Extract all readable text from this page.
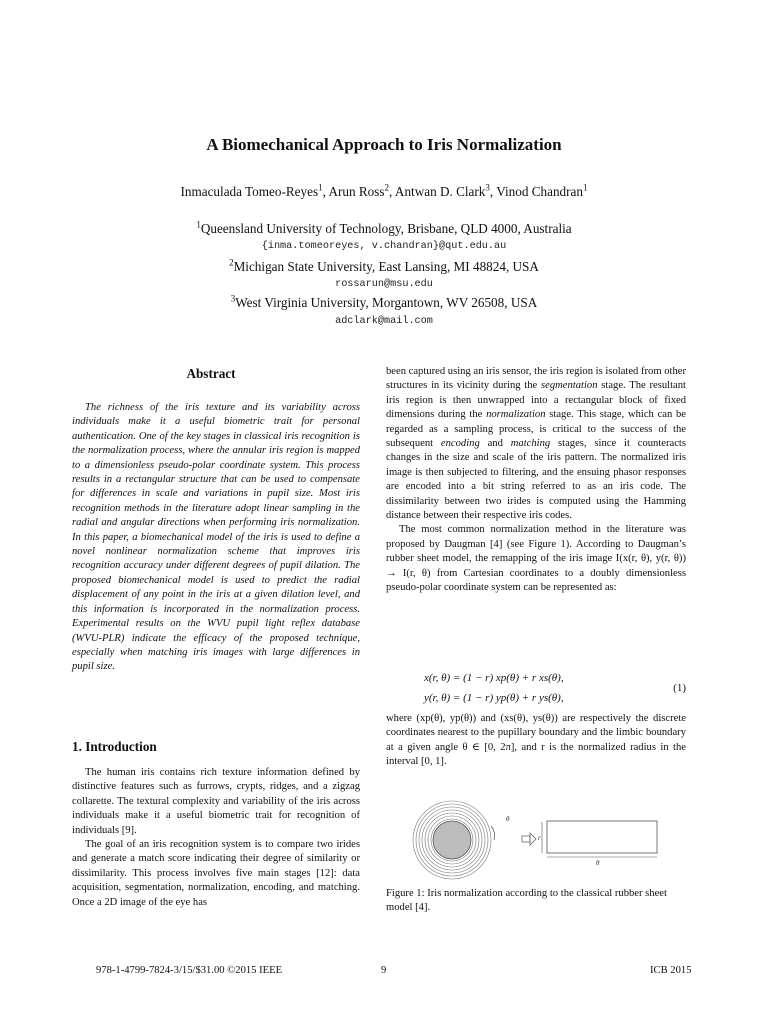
A Biomechanical Approach to Iris Normalization
Inmaculada Tomeo-Reyes$^1$, Arun Ross$^2$, Antwan D. Clark$^3$, Vinod Chandran$^1$
$^1$Queensland University of Technology, Brisbane, QLD 4000, Australia
{inma.tomeoreyes, v.chandran}@qut.edu.au
$^2$Michigan State University, East Lansing, MI 48824, USA
rossarun@msu.edu
$^3$West Virginia University, Morgantown, WV 26508, USA
adclark@mail.com
Abstract

The richness of the iris texture and its variability across individuals make it a useful biometric trait for personal authentication. One of the key stages in classical iris recognition is the normalization process, where the annular iris region is mapped to a dimensionless pseudo-polar coordinate system. This process results in a rectangular structure that can be used to compensate for differences in scale and variations in pupil size. Most iris recognition methods in the literature adopt linear sampling in the radial and angular directions when performing iris normalization. In this paper, a biomechanical model of the iris is used to define a novel nonlinear normalization scheme that improves iris recognition accuracy under different degrees of pupil dilation. The proposed biomechanical model is used to predict the radial displacement of any point in the iris at a given dilation level, and this information is incorporated in the normalization process. Experimental results on the WVU pupil light reflex database (WVU-PLR) indicate the efficacy of the proposed technique, especially when matching iris images with large differences in pupil size.

1. Introduction

The human iris contains rich texture information defined by distinctive features such as furrows, crypts, ridges, and a zigzag collarette. The textural complexity and variability of the iris across individuals make it a useful biometric trait for recognition of individuals [9].

The goal of an iris recognition system is to compare two irides and generate a match score indicating their degree of similarity or dissimilarity. This process involves five main stages [12]: data acquisition, segmentation, normalization, encoding, and matching. Once a 2D image of the eye has

been captured using an iris sensor, the iris region is isolated from other structures in its vicinity during the segmentation stage. The resultant iris region is then unwrapped into a rectangular block of fixed dimensions during the normalization stage. This stage, which can be regarded as a sampling process, is critical to the success of the subsequent encoding and matching stages, since it counteracts changes in the size and scale of the iris pattern. The normalized iris image is then subjected to filtering, and the ensuing phasor responses are encoded into a bit string referred to as an iris code. The dissimilarity between two irides is computed using the Hamming distance between their respective iris codes.

The most common normalization method in the literature was proposed by Daugman [4] (see Figure 1). According to Daugman’s rubber sheet model, the remapping of the iris image I(x(r, θ), y(r, θ)) → I(r, θ) from Cartesian coordinates to a doubly dimensionless pseudo-polar coordinate system can be represented as:

x(r, θ) = (1 − r) xp(θ) + r xs(θ),
y(r, θ) = (1 − r) yp(θ) + r ys(θ),
(1)

where (xp(θ), yp(θ)) and (xs(θ), ys(θ)) are respectively the discrete coordinates nearest to the pupillary boundary and the limbic boundary at a given angle θ ∈ [0, 2π], and r is the normalized radius in the interval [0, 1].

θ
r
θ
Figure 1: Iris normalization according to the classical rubber sheet model [4].
978-1-4799-7824-3/15/$31.00 ©2015 IEEE	9	ICB 2015
